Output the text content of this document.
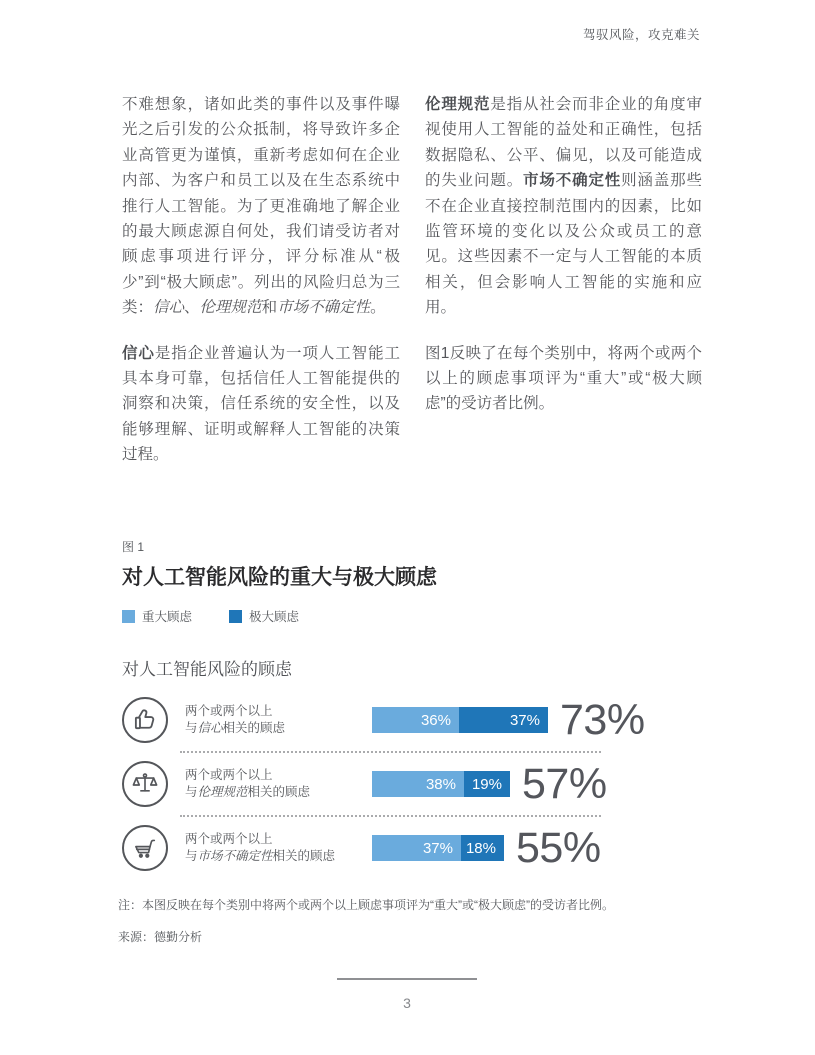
驾驭风险，攻克难关

不难想象，诸如此类的事件以及事件曝光之后引发的公众抵制，将导致许多企业高管更为谨慎，重新考虑如何在企业内部、为客户和员工以及在生态系统中推行人工智能。为了更准确地了解企业的最大顾虑源自何处，我们请受访者对顾虑事项进行评分，评分标准从“极少”到“极大顾虑”。列出的风险归总为三类：信心、伦理规范和市场不确定性。

信心是指企业普遍认为一项人工智能工具本身可靠，包括信任人工智能提供的洞察和决策，信任系统的安全性，以及能够理解、证明或解释人工智能的决策过程。

伦理规范是指从社会而非企业的角度审视使用人工智能的益处和正确性，包括数据隐私、公平、偏见，以及可能造成的失业问题。市场不确定性则涵盖那些不在企业直接控制范围内的因素，比如监管环境的变化以及公众或员工的意见。这些因素不一定与人工智能的本质相关，但会影响人工智能的实施和应用。

图1反映了在每个类别中，将两个或两个以上的顾虑事项评为“重大”或“极大顾虑”的受访者比例。

图 1
对人工智能风险的重大与极大顾虑
重大顾虑	极大顾虑
对人工智能风险的顾虑
两个或两个以上
与信心相关的顾虑	36%	37% 73%
两个或两个以上
与伦理规范相关的顾虑	38%	19% 57%
两个或两个以上
与市场不确定性相关的顾虑	37% 18% 55%
注：本图反映在每个类别中将两个或两个以上顾虑事项评为“重大”或“极大顾虑”的受访者比例。
来源：德勤分析
3
